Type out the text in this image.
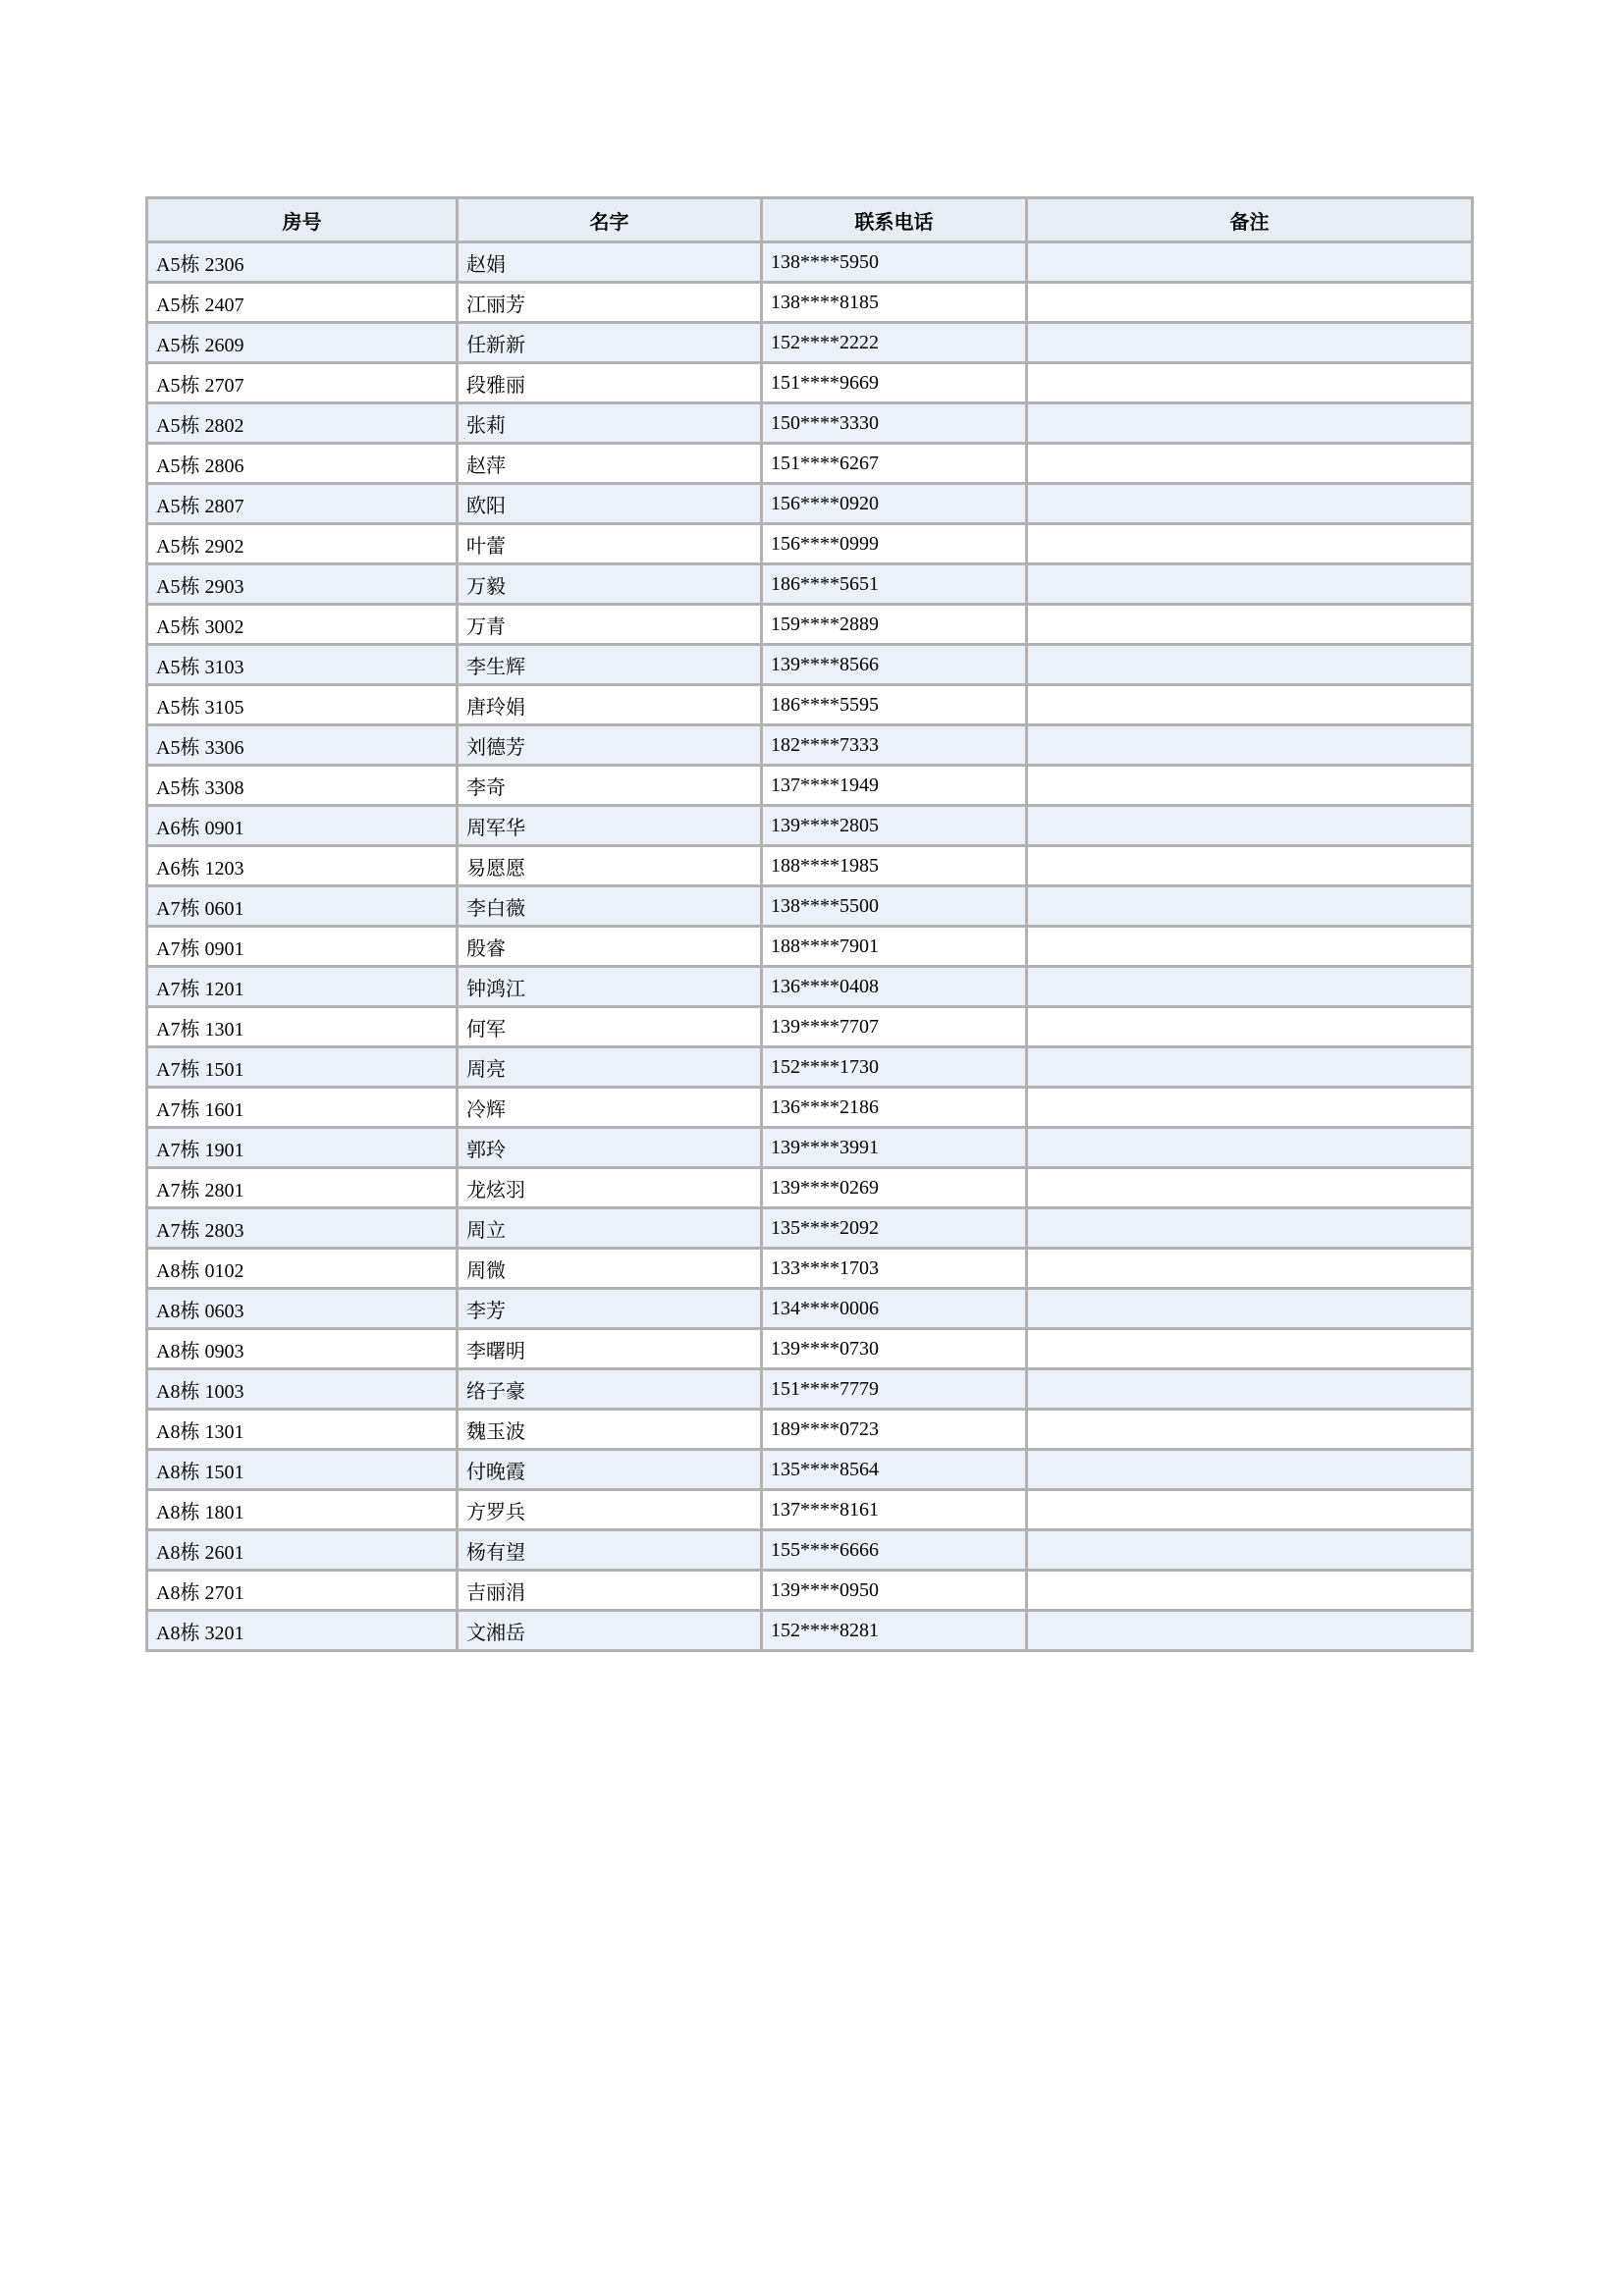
房号	名字	联系电话	备注
A5栋 2306	赵娟	138****5950	
A5栋 2407	江丽芳	138****8185	
A5栋 2609	任新新	152****2222	
A5栋 2707	段雅丽	151****9669	
A5栋 2802	张莉	150****3330	
A5栋 2806	赵萍	151****6267	
A5栋 2807	欧阳	156****0920	
A5栋 2902	叶蕾	156****0999	
A5栋 2903	万毅	186****5651	
A5栋 3002	万青	159****2889	
A5栋 3103	李生辉	139****8566	
A5栋 3105	唐玲娟	186****5595	
A5栋 3306	刘德芳	182****7333	
A5栋 3308	李奇	137****1949	
A6栋 0901	周军华	139****2805	
A6栋 1203	易愿愿	188****1985	
A7栋 0601	李白薇	138****5500	
A7栋 0901	殷睿	188****7901	
A7栋 1201	钟鸿江	136****0408	
A7栋 1301	何军	139****7707	
A7栋 1501	周亮	152****1730	
A7栋 1601	冷辉	136****2186	
A7栋 1901	郭玲	139****3991	
A7栋 2801	龙炫羽	139****0269	
A7栋 2803	周立	135****2092	
A8栋 0102	周微	133****1703	
A8栋 0603	李芳	134****0006	
A8栋 0903	李曙明	139****0730	
A8栋 1003	络子豪	151****7779	
A8栋 1301	魏玉波	189****0723	
A8栋 1501	付晚霞	135****8564	
A8栋 1801	方罗兵	137****8161	
A8栋 2601	杨有望	155****6666	
A8栋 2701	吉丽涓	139****0950	
A8栋 3201	文湘岳	152****8281	
